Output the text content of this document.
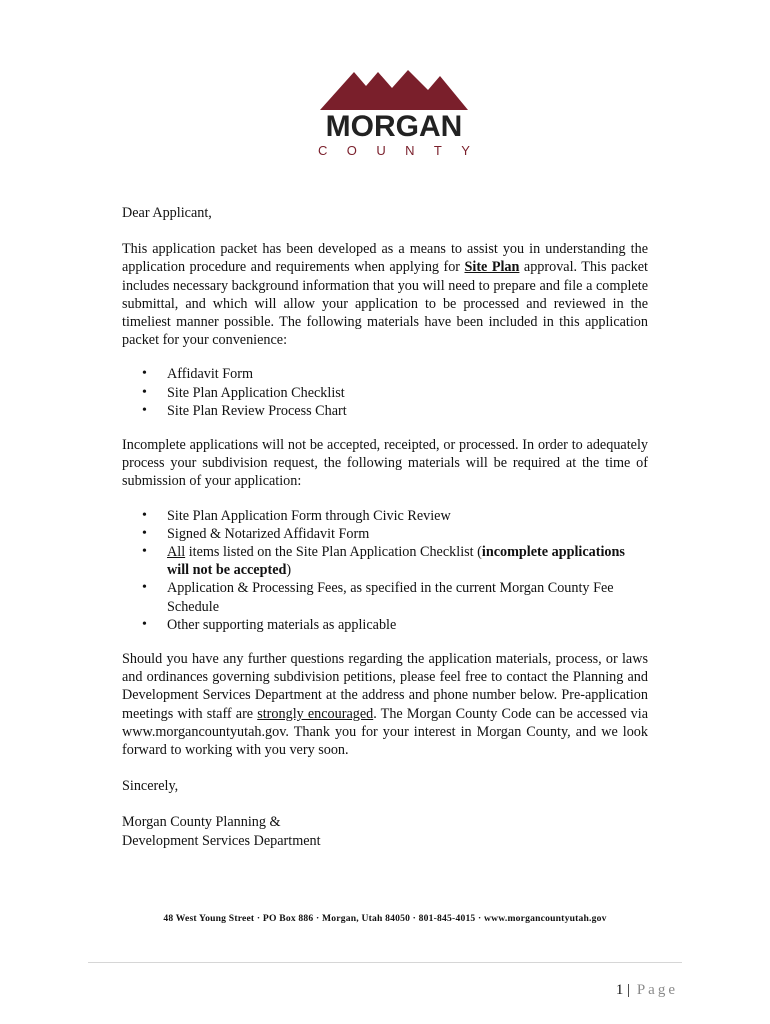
MORGAN
C O U N T Y

Dear Applicant,

This application packet has been developed as a means to assist you in understanding the application procedure and requirements when applying for Site Plan approval. This packet includes necessary background information that you will need to prepare and file a complete submittal, and which will allow your application to be processed and reviewed in the timeliest manner possible. The following materials have been included in this application packet for your convenience:

• Affidavit Form
• Site Plan Application Checklist
• Site Plan Review Process Chart

Incomplete applications will not be accepted, receipted, or processed. In order to adequately process your subdivision request, the following materials will be required at the time of submission of your application:

• Site Plan Application Form through Civic Review
• Signed & Notarized Affidavit Form
• All items listed on the Site Plan Application Checklist (incomplete applications will not be accepted)
• Application & Processing Fees, as specified in the current Morgan County Fee Schedule
• Other supporting materials as applicable

Should you have any further questions regarding the application materials, process, or laws and ordinances governing subdivision petitions, please feel free to contact the Planning and Development Services Department at the address and phone number below. Pre-application meetings with staff are strongly encouraged. The Morgan County Code can be accessed via www.morgancountyutah.gov. Thank you for your interest in Morgan County, and we look forward to working with you very soon.

Sincerely,

Morgan County Planning &

Development Services Department

48 West Young Street · PO Box 886 · Morgan, Utah 84050 · 801-845-4015 · www.morgancountyutah.gov
1 | Page
